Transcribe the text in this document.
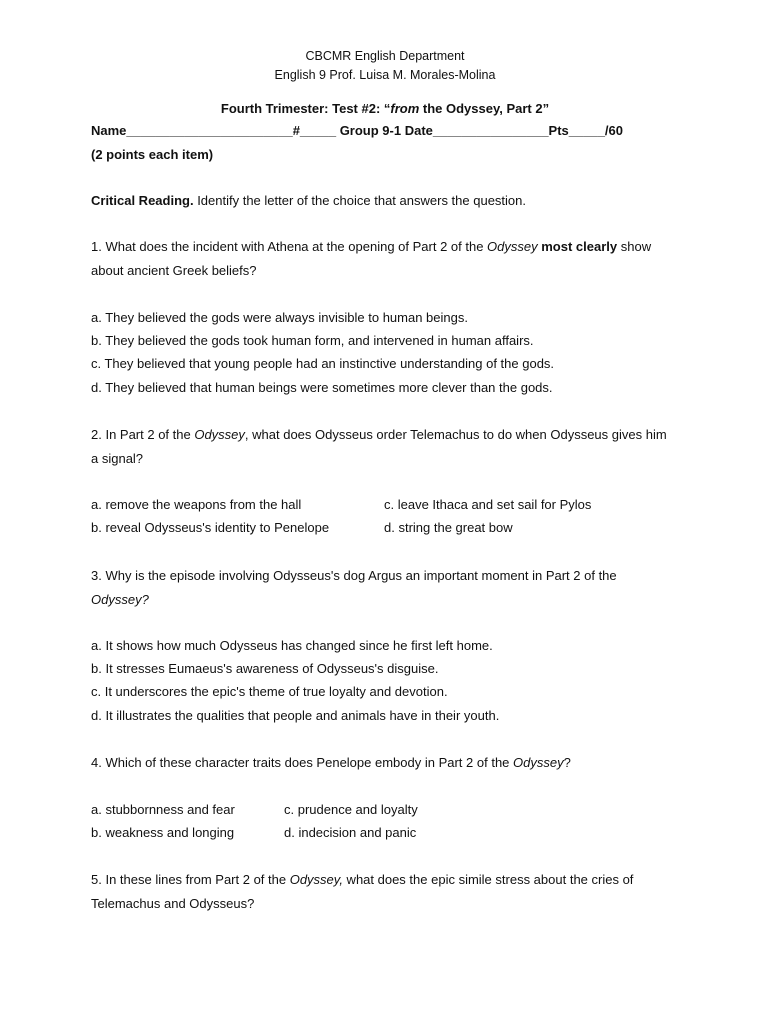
CBCMR English Department
English 9 Prof. Luisa M. Morales-Molina
Fourth Trimester: Test #2: “from the Odyssey, Part 2”
Name_______________________#_____ Group 9-1 Date________________Pts_____/60
(2 points each item)
Critical Reading. Identify the letter of the choice that answers the question.
1. What does the incident with Athena at the opening of Part 2 of the Odyssey most clearly show
about ancient Greek beliefs?
a. They believed the gods were always invisible to human beings.
b. They believed the gods took human form, and intervened in human affairs.
c. They believed that young people had an instinctive understanding of the gods.
d. They believed that human beings were sometimes more clever than the gods.
2. In Part 2 of the Odyssey, what does Odysseus order Telemachus to do when Odysseus gives him
a signal?
a. remove the weapons from the hall	c. leave Ithaca and set sail for Pylos
b. reveal Odysseus's identity to Penelope	d. string the great bow
3. Why is the episode involving Odysseus's dog Argus an important moment in Part 2 of the
Odyssey?
a. It shows how much Odysseus has changed since he first left home.
b. It stresses Eumaeus's awareness of Odysseus's disguise.
c. It underscores the epic's theme of true loyalty and devotion.
d. It illustrates the qualities that people and animals have in their youth.
4. Which of these character traits does Penelope embody in Part 2 of the Odyssey?
a. stubbornness and fear	c. prudence and loyalty
b. weakness and longing	d. indecision and panic
5. In these lines from Part 2 of the Odyssey, what does the epic simile stress about the cries of
Telemachus and Odysseus?
